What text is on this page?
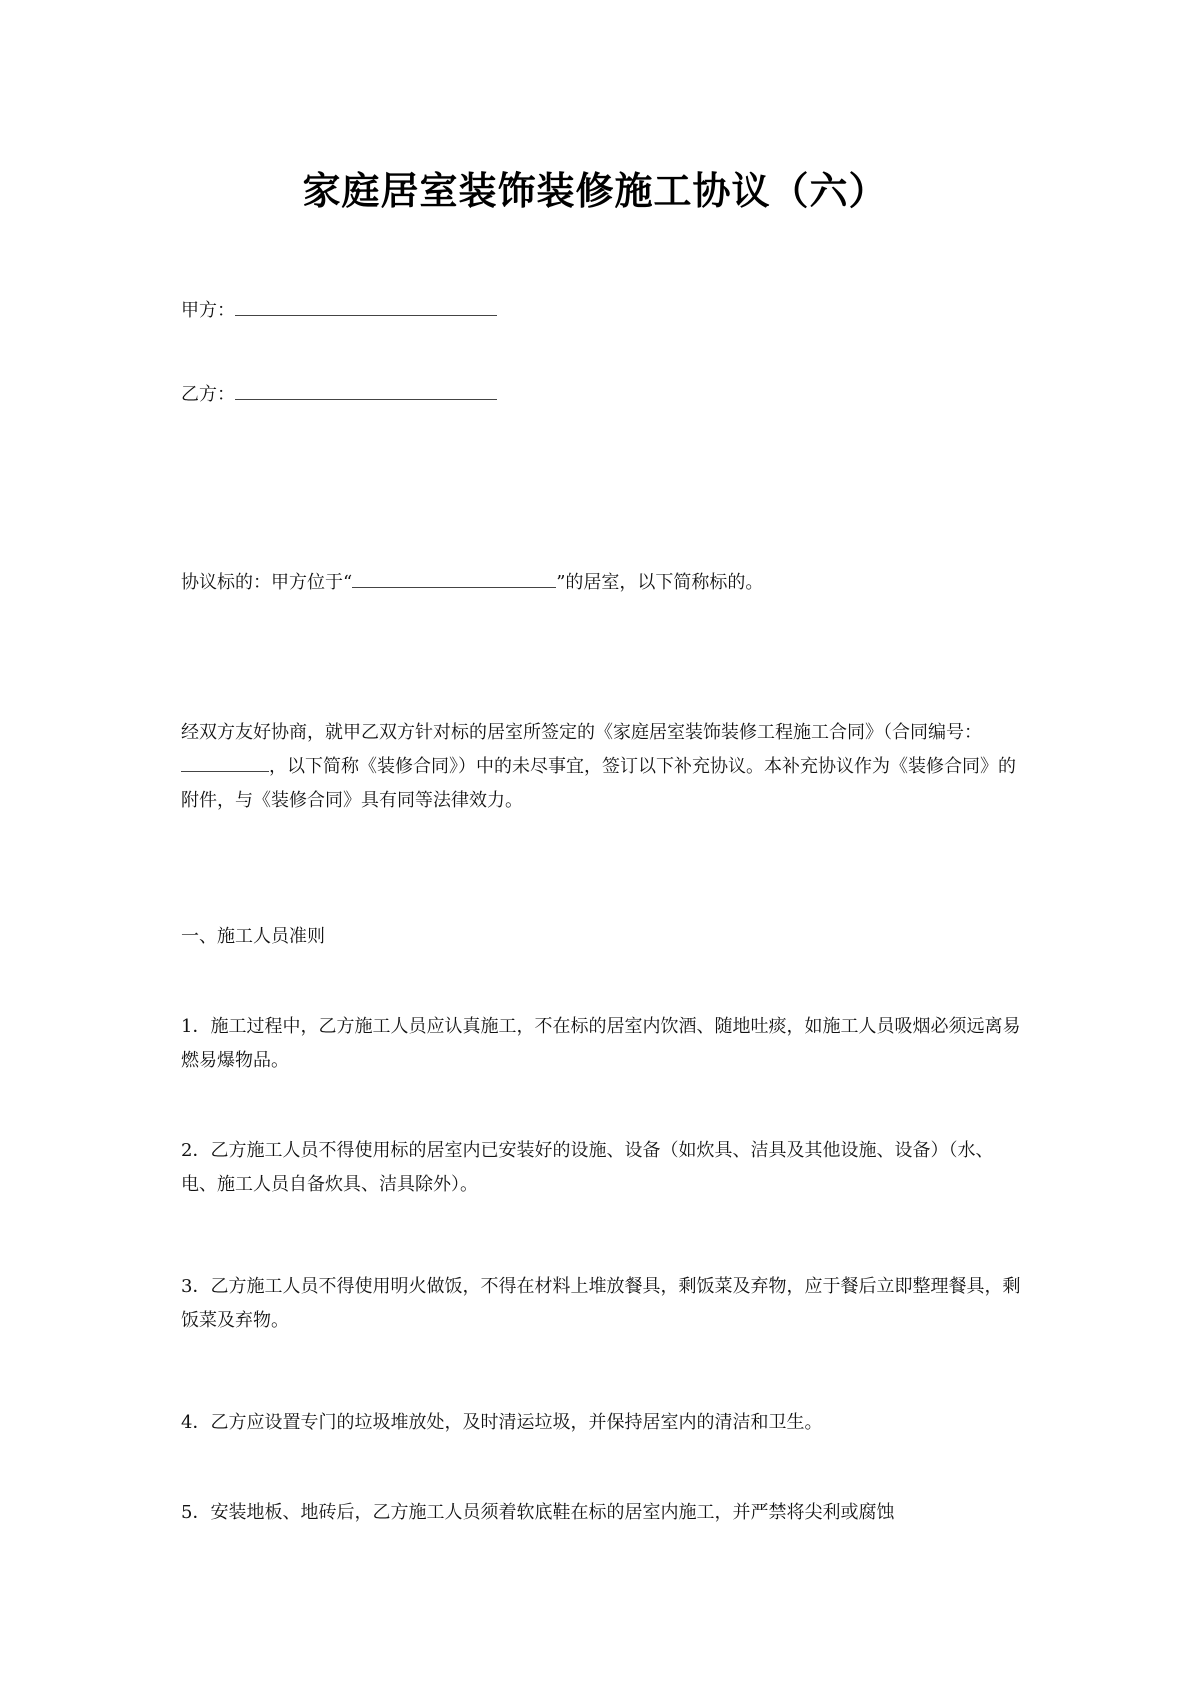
家庭居室装饰装修施工协议（六）
甲方：
乙方：
协议标的：甲方位于“	”的居室，以下简称标的。
经双方友好协商，就甲乙双方针对标的居室所签定的《家庭居室装饰装修工程施工合同》（合同编号：，以下简称《装修合同》）中的未尽事宜，签订以下补充协议。本补充协议作为《装修合同》的附件，与《装修合同》具有同等法律效力。
一、施工人员准则
1．施工过程中，乙方施工人员应认真施工，不在标的居室内饮酒、随地吐痰，如施工人员吸烟必须远离易燃易爆物品。
2．乙方施工人员不得使用标的居室内已安装好的设施、设备（如炊具、洁具及其他设施、设备）（水、电、施工人员自备炊具、洁具除外）。
3．乙方施工人员不得使用明火做饭，不得在材料上堆放餐具，剩饭菜及弃物，应于餐后立即整理餐具，剩饭菜及弃物。
4．乙方应设置专门的垃圾堆放处，及时清运垃圾，并保持居室内的清洁和卫生。
5．安装地板、地砖后，乙方施工人员须着软底鞋在标的居室内施工，并严禁将尖利或腐蚀
